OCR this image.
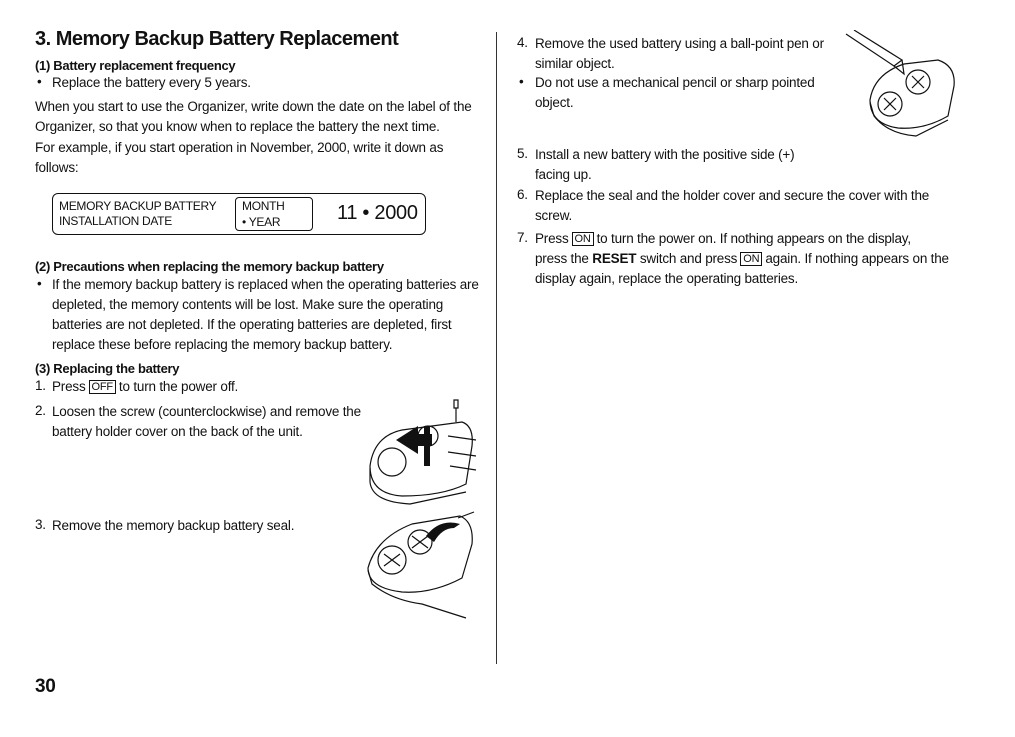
3. Memory Backup Battery Replacement

(1) Battery replacement frequency

• Replace the battery every 5 years.

When you start to use the Organizer, write down the date on the label of the Organizer, so that you know when to replace the battery the next time.

For example, if you start operation in November, 2000, write it down as follows:

MEMORY BACKUP BATTERY
INSTALLATION DATE
MONTH
• YEAR	11 • 2000

(2) Precautions when replacing the memory backup battery

• If the memory backup battery is replaced when the operating batteries are depleted, the memory contents will be lost. Make sure the operating batteries are not depleted. If the operating batteries are depleted, first replace these before replacing the memory backup battery.

(3) Replacing the battery

1. Press OFF to turn the power off.

2. Loosen the screw (counterclockwise) and remove the battery holder cover on the back of the unit.

3. Remove the memory backup battery seal.

30
4. Remove the used battery using a ball-point pen or similar object.

• Do not use a mechanical pencil or sharp pointed object.

5. Install a new battery with the positive side (+) facing up.

6. Replace the seal and the holder cover and secure the cover with the screw.

7. Press ON to turn the power on. If nothing appears on the display,
press the RESET switch and press ON again. If nothing appears on the
display again, replace the operating batteries.
